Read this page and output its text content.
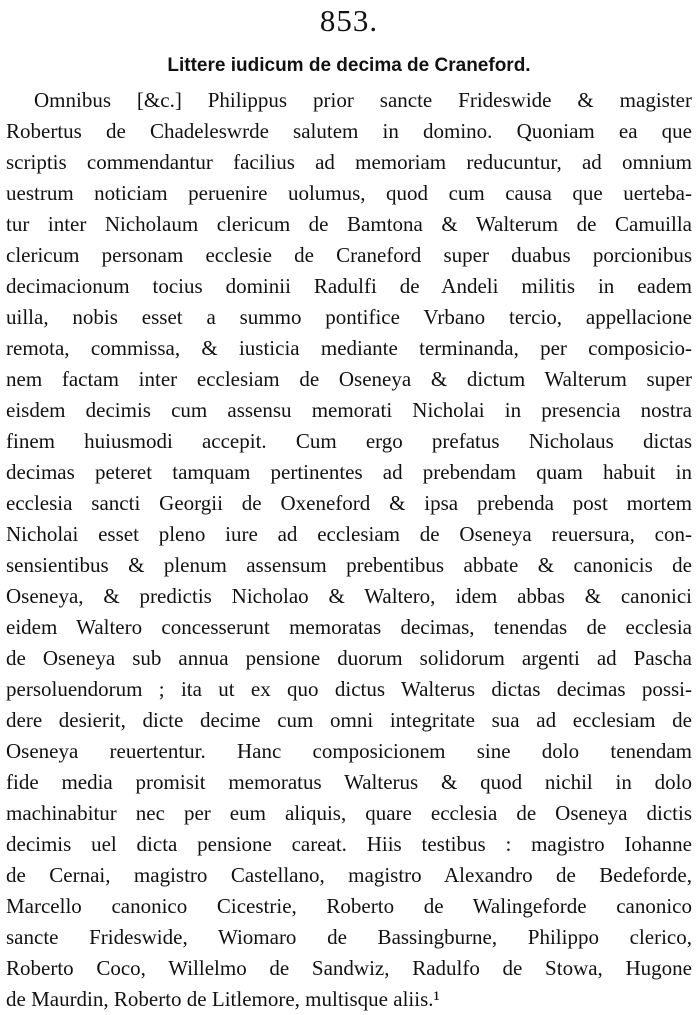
853.
Littere iudicum de decima de Craneford.
Omnibus [&c.] Philippus prior sancte Frideswide & magister
Robertus de Chadeleswrde salutem in domino. Quoniam ea que
scriptis commendantur facilius ad memoriam reducuntur, ad omnium
uestrum noticiam peruenire uolumus, quod cum causa que uerteba-
tur inter Nicholaum clericum de Bamtona & Walterum de Camuilla
clericum personam ecclesie de Craneford super duabus porcionibus
decimacionum tocius dominii Radulfi de Andeli militis in eadem
uilla, nobis esset a summo pontifice Vrbano tercio, appellacione
remota, commissa, & iusticia mediante terminanda, per composicio-
nem factam inter ecclesiam de Oseneya & dictum Walterum super
eisdem decimis cum assensu memorati Nicholai in presencia nostra
finem huiusmodi accepit. Cum ergo prefatus Nicholaus dictas
decimas peteret tamquam pertinentes ad prebendam quam habuit in
ecclesia sancti Georgii de Oxeneford & ipsa prebenda post mortem
Nicholai esset pleno iure ad ecclesiam de Oseneya reuersura, con-
sensientibus & plenum assensum prebentibus abbate & canonicis de
Oseneya, & predictis Nicholao & Waltero, idem abbas & canonici
eidem Waltero concesserunt memoratas decimas, tenendas de ecclesia
de Oseneya sub annua pensione duorum solidorum argenti ad Pascha
persoluendorum ; ita ut ex quo dictus Walterus dictas decimas possi-
dere desierit, dicte decime cum omni integritate sua ad ecclesiam de
Oseneya reuertentur. Hanc composicionem sine dolo tenendam
fide media promisit memoratus Walterus & quod nichil in dolo
machinabitur nec per eum aliquis, quare ecclesia de Oseneya dictis
decimis uel dicta pensione careat. Hiis testibus : magistro Iohanne
de Cernai, magistro Castellano, magistro Alexandro de Bedeforde,
Marcello canonico Cicestrie, Roberto de Walingeforde canonico
sancte Frideswide, Wiomaro de Bassingburne, Philippo clerico,
Roberto Coco, Willelmo de Sandwiz, Radulfo de Stowa, Hugone
de Maurdin, Roberto de Litlemore, multisque aliis.¹
